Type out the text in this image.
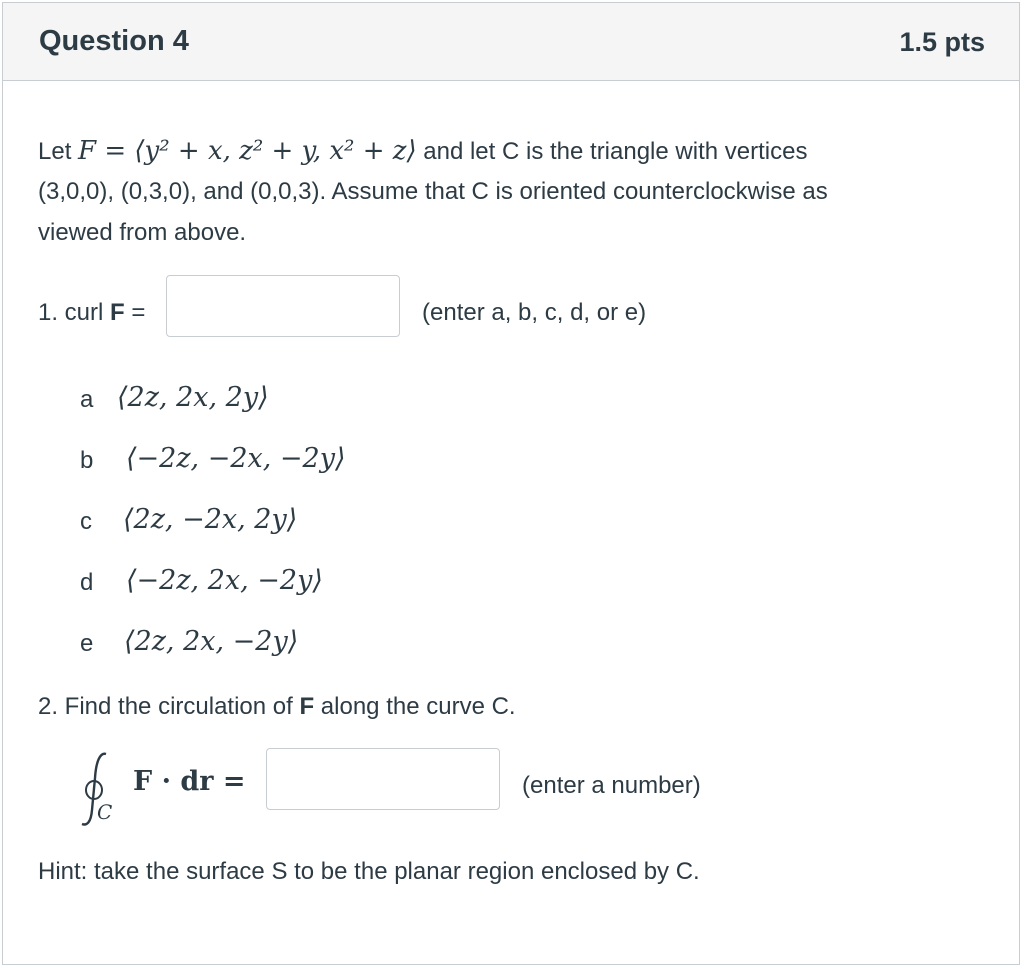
Question 4	1.5 pts
Let F = ⟨y² + x, z² + y, x² + z⟩ and let C is the triangle with vertices
(3,0,0), (0,3,0), and (0,0,3). Assume that C is oriented counterclockwise as
viewed from above.
1. curl F =	(enter a, b, c, d, or e)
a ⟨2z, 2x, 2y⟩
b ⟨−2z, −2x, −2y⟩
c ⟨2z, −2x, 2y⟩
d ⟨−2z, 2x, −2y⟩
e ⟨2z, 2x, −2y⟩
2. Find the circulation of F along the curve C.
C
F · dr =	(enter a number)
Hint: take the surface S to be the planar region enclosed by C.
